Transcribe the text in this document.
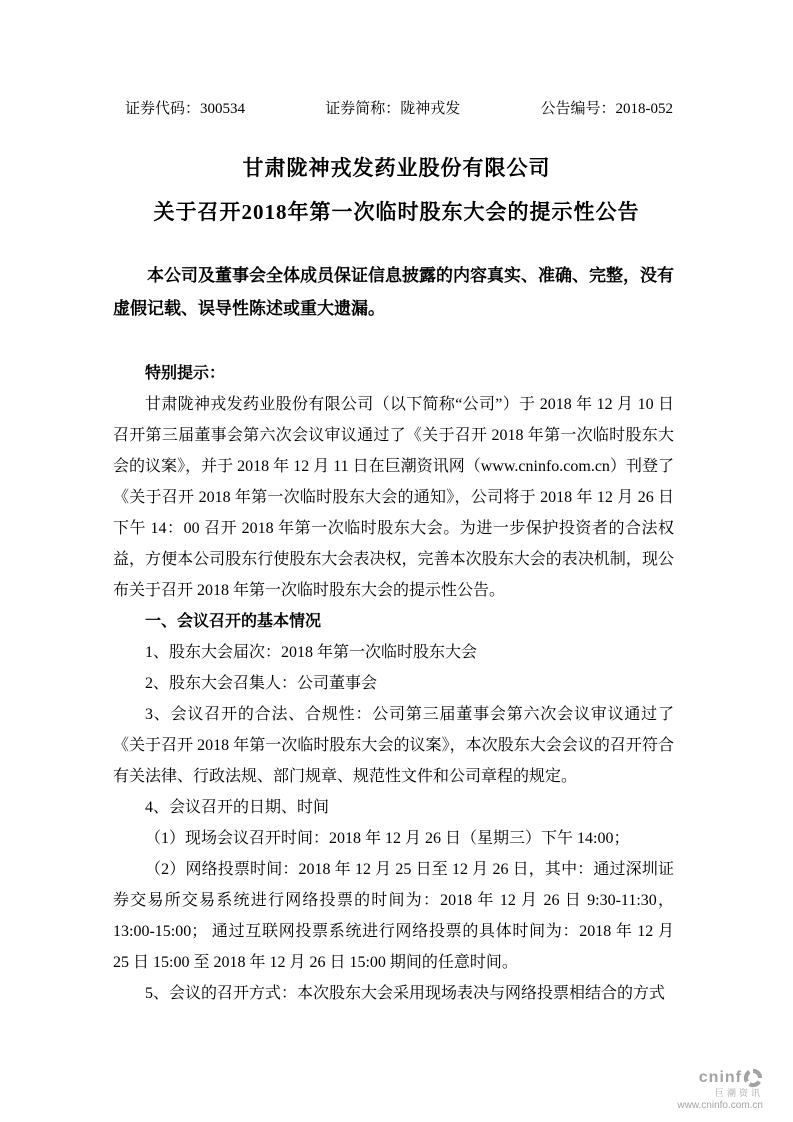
证券代码：300534	证券简称：陇神戎发	公告编号：2018-052
甘肃陇神戎发药业股份有限公司
关于召开2018年第一次临时股东大会的提示性公告

本公司及董事会全体成员保证信息披露的内容真实、准确、完整，没有虚假记载、误导性陈述或重大遗漏。

特别提示：

甘肃陇神戎发药业股份有限公司（以下简称“公司”）于 2018 年 12 月 10 日召开第三届董事会第六次会议审议通过了《关于召开 2018 年第一次临时股东大会的议案》，并于 2018 年 12 月 11 日在巨潮资讯网（www.cninfo.com.cn）刊登了《关于召开 2018 年第一次临时股东大会的通知》，公司将于 2018 年 12 月 26 日下午 14：00 召开 2018 年第一次临时股东大会。为进一步保护投资者的合法权益，方便本公司股东行使股东大会表决权，完善本次股东大会的表决机制，现公布关于召开 2018 年第一次临时股东大会的提示性公告。

一、会议召开的基本情况

1、股东大会届次：2018 年第一次临时股东大会

2、股东大会召集人：公司董事会

3、会议召开的合法、合规性：公司第三届董事会第六次会议审议通过了《关于召开 2018 年第一次临时股东大会的议案》，本次股东大会会议的召开符合有关法律、行政法规、部门规章、规范性文件和公司章程的规定。

4、会议召开的日期、时间

（1）现场会议召开时间：2018 年 12 月 26 日（星期三）下午 14:00；

（2）网络投票时间：2018 年 12 月 25 日至 12 月 26 日，其中：通过深圳证券交易所交易系统进行网络投票的时间为：2018 年 12 月 26 日 9:30-11:30，13:00-15:00； 通过互联网投票系统进行网络投票的具体时间为：2018 年 12 月 25 日 15:00 至 2018 年 12 月 26 日 15:00 期间的任意时间。

5、会议的召开方式：本次股东大会采用现场表决与网络投票相结合的方式

cninf
巨潮资讯
www.cninfo.com.cn
